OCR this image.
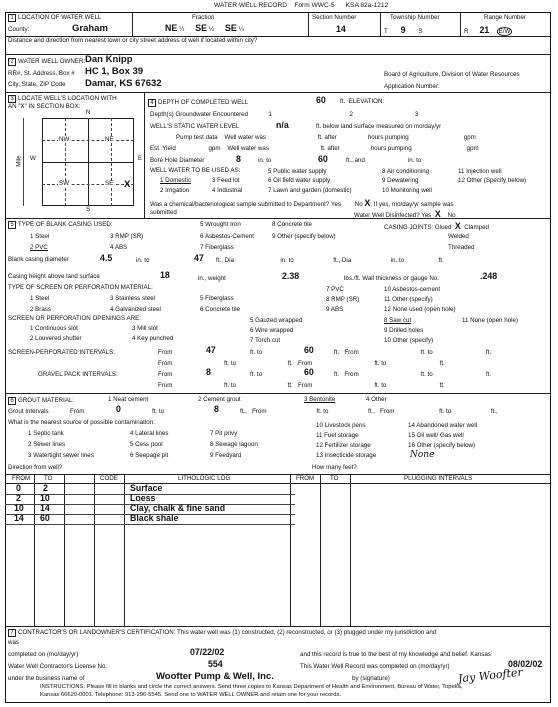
WATER WELL RECORD Form WWC-5 KSA 82a-1212
1 LOCATION OF WATER WELL
County:	Graham
Fraction
NE ¼ SE ¼ SE ¼
Section Number
14
Township Number
T 9 S
Range Number
R 21 E/W
Distance and direction from nearest town or city street address of well if located within city?
2 WATER WELL OWNER: Dan Knipp
RR#, St. Address, Box # HC 1, Box 39
City, State, ZIP Code Damar, KS 67632
Board of Agriculture, Division of Water Resources
Application Number:
3 LOCATE WELL'S LOCATION WITH
AN "X" IN SECTION BOX:
N
S
W	E
NW	NE
SW	SE X
Mile
4 DEPTH OF COMPLETED WELL	60 ft. ELEVATION:
Depth(s) Groundwater Encountered	1	2	3
WELL'S STATIC WATER LEVEL	n/a	ft. below land surface measured on mo/day/yr
Pump test data Well water was	ft. after	hours pumping	gpm
Est. Yield	gpm Well water was	ft. after	hours pumping	gpm
Bore Hole Diameter	8	in. to	60	ft., and	in. to
WELL WATER TO BE USED AS:
1 Domestic	3 Feed lot
5 Public water supply	8 Air conditioning	11 Injection well
2 Irrigation	4 Industrial
6 Oil field water supply	9 Dewatering	12 Other (Specify below)
7 Lawn and garden (domestic)	10 Monitoring well
Was a chemical/bacteriological sample submitted to Department? Yes No X; If yes, mo/day/yr sample was
submitted	Water Well Disinfected? Yes X No
5 TYPE OF BLANK CASING USED:
1 Steel	3 RMP (SR)
5 Wrought Iron	8 Concrete tile
2 PVC	4 ABS
6 Asbestos-Cement
7 Fiberglass
9 Other (specify below)
CASING JOINTS: Glued X Clamped
Welded
Threaded
Blank casing diameter	4.5	in. to	47 ft., Dia	in. to	ft., Dia	in. to	ft.
Casing height above land surface	18	in., weight	2.38	lbs./ft. Wall thickness or gauge No.	.248
TYPE OF SCREEN OR PERFORATION MATERIAL:
1 Steel	3 Stainless steel	5 Fiberglass
7 PVC	10 Asbestos-cement
2 Brass	4 Galvanized steel	6 Concrete tile
8 RMP (SR)	11 Other (specify)
9 ABS	12 None used (open hole)
SCREEN OR PERFORATION OPENINGS ARE:
1 Continuous slot	3 Mill slot
5 Gauzed wrapped	8 Saw cut	11 None (open hole)
2 Louvered shutter	4 Key punched
6 Wire wrapped	9 Drilled holes
7 Torch cut	10 Other (specify)
SCREEN-PERFORATED INTERVALS:	From	47	ft. to	60	ft. From	ft. to	ft.
From	ft. to	ft. From	ft. to	ft.
GRAVEL PACK INTERVALS:	From	8	ft. to	60	ft. From	ft. to	ft.
From	ft. to	ft. From	ft. to	ft.
6 GROUT MATERIAL:	1 Neat cement	2 Cement grout	3 Bentonite	4 Other
Grout Intervals	From	0	ft. to	8	ft., From	ft. to	ft., From	ft. to	ft.,
What is the nearest source of possible contamination:
1 Septic tank	4 Lateral lines	7 Pit privy
10 Livestock pens	14 Abandoned water well
2 Sewer lines	5 Cess pool	8 Sewage lagoon
11 Fuel storage	15 Oil well/ Gas well
3 Watertight sewer lines	6 Seepage pit	9 Feedyard
12 Fertilizer storage	16 Other (specify below)
13 Insecticide storage	None
Direction from well?	How many feet?
FROM TO	CODE	LITHOLOGIC LOG	FROM	TO	PLUGGING INTERVALS
0	2	Surface
2 10	Loess
10 14	Clay, chalk & fine sand
14 60	Black shale
7 CONTRACTOR'S OR LANDOWNER'S CERTIFICATION: This water well was (1) constructed, (2) reconstructed, or (3) plugged under my jurisdiction and
was
completed on (mo/day/yr)	07/22/02	and this record is true to the best of my knowledge and belief. Kansas
Water Well Contractor's License No.	554	This Water Well Record was completed on (mo/day/yr)	08/02/02
under the business name of	Woofter Pump & Well, Inc.	by (signature)	Jay Woofter
INSTRUCTIONS: Please fill in blanks and circle the correct answers. Send three copies to Kansas Department of Health and Environment, Bureau of Water, Topeka,
Kansas 66620-0001. Telephone: 913-296-5545. Send one to WATER WELL OWNER and retain one for your records.
